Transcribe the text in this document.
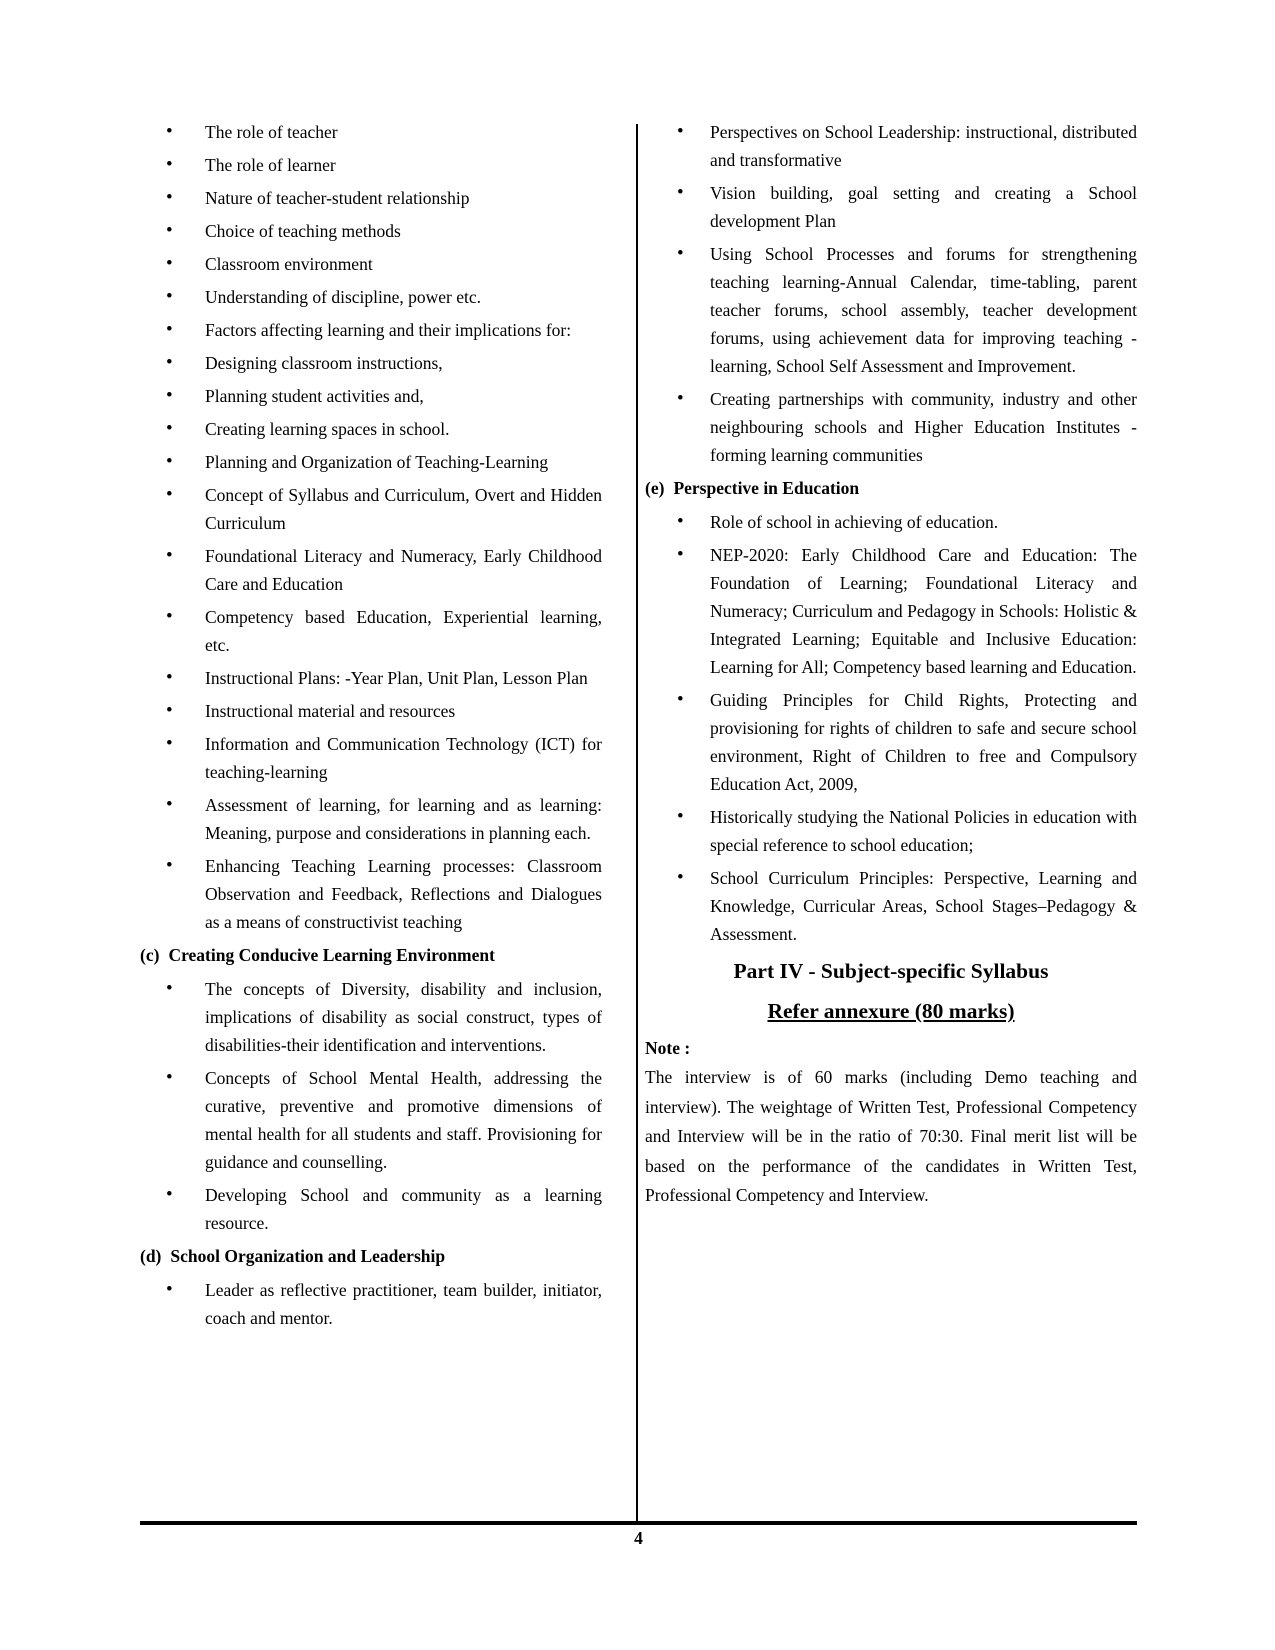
•	The role of teacher
•	The role of learner
•	Nature of teacher-student relationship
•	Choice of teaching methods
•	Classroom environment
•	Understanding of discipline, power etc.
•	Factors affecting learning and their implications for:
•	Designing classroom instructions,
•	Planning student activities and,
•	Creating learning spaces in school.
•	Planning and Organization of Teaching-Learning
•	Concept of Syllabus and Curriculum, Overt and Hidden Curriculum
•	Foundational Literacy and Numeracy, Early Childhood Care and Education
•	Competency based Education, Experiential learning, etc.
•	Instructional Plans: -Year Plan, Unit Plan, Lesson Plan
•	Instructional material and resources
•	Information and Communication Technology (ICT) for teaching-learning
•	Assessment of learning, for learning and as learning: Meaning, purpose and considerations in planning each.
•	Enhancing Teaching Learning processes: Classroom Observation and Feedback, Reflections and Dialogues as a means of constructivist teaching
(c) Creating Conducive Learning Environment
•	The concepts of Diversity, disability and inclusion, implications of disability as social construct, types of disabilities-their identification and interventions.
•	Concepts of School Mental Health, addressing the curative, preventive and promotive dimensions of mental health for all students and staff. Provisioning for guidance and counselling.
•	Developing School and community as a learning resource.
(d) School Organization and Leadership
•	Leader as reflective practitioner, team builder, initiator, coach and mentor.
•	Perspectives on School Leadership: instructional, distributed and transformative
•	Vision building, goal setting and creating a School development Plan
•	Using School Processes and forums for strengthening teaching learning-Annual Calendar, time-tabling, parent teacher forums, school assembly, teacher development forums, using achievement data for improving teaching - learning, School Self Assessment and Improvement.
•	Creating partnerships with community, industry and other neighbouring schools and Higher Education Institutes - forming learning communities
(e) Perspective in Education
•	Role of school in achieving of education.
•	NEP-2020: Early Childhood Care and Education: The Foundation of Learning; Foundational Literacy and Numeracy; Curriculum and Pedagogy in Schools: Holistic & Integrated Learning; Equitable and Inclusive Education: Learning for All; Competency based learning and Education.
•	Guiding Principles for Child Rights, Protecting and provisioning for rights of children to safe and secure school environment, Right of Children to free and Compulsory Education Act, 2009,
•	Historically studying the National Policies in education with special reference to school education;
•	School Curriculum Principles: Perspective, Learning and Knowledge, Curricular Areas, School Stages–Pedagogy & Assessment.
Part IV - Subject-specific Syllabus
Refer annexure (80 marks)
Note :
The interview is of 60 marks (including Demo teaching and interview). The weightage of Written Test, Professional Competency and Interview will be in the ratio of 70:30. Final merit list will be based on the performance of the candidates in Written Test, Professional Competency and Interview.
4
